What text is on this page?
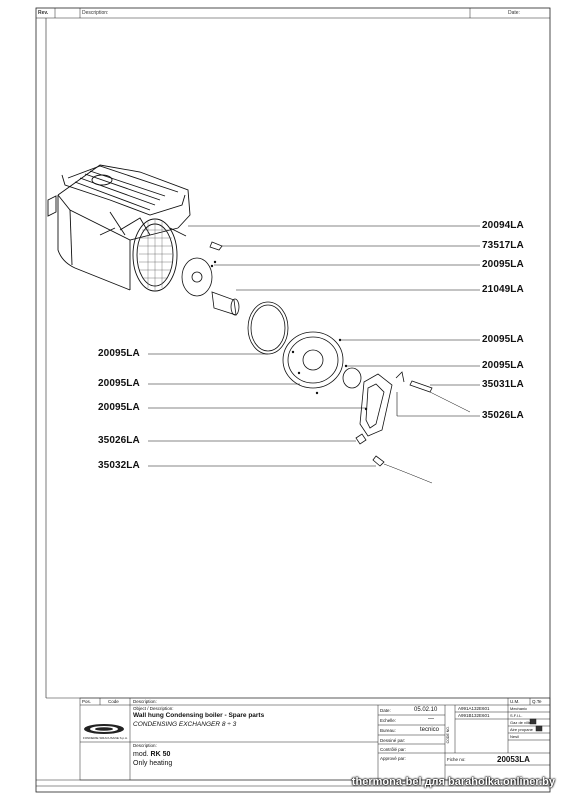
Rev.	Description:	Date:
20094LA
73517LA
20095LA
21049LA
20095LA
20095LA
20095LA
35031LA
20095LA
20095LA
35026LA
35026LA
35032LA
Pos.	Code	Description:	U.M.	Q.Te
Object / Description:
Wall hung Condensing boiler - Spare parts
CONDENSING EXCHANGER 8 ÷ 3
Description:
mod. RK 50
Only heating
Date:	05.02.10
Echelle:	—
Bureau:	tecnico
Dessiné par:
Contrôlé par:
Approvè par:
CODE NO.
A991A132E601
A991B132E601
Mechanic
S.F.I.L.
Gaz de ville
Aire propane
Nesil
Fiche no:	20053LA
FONDERIE SIRACUSANE S.p.A.
thermona-bel для baraholka.onliner.by
